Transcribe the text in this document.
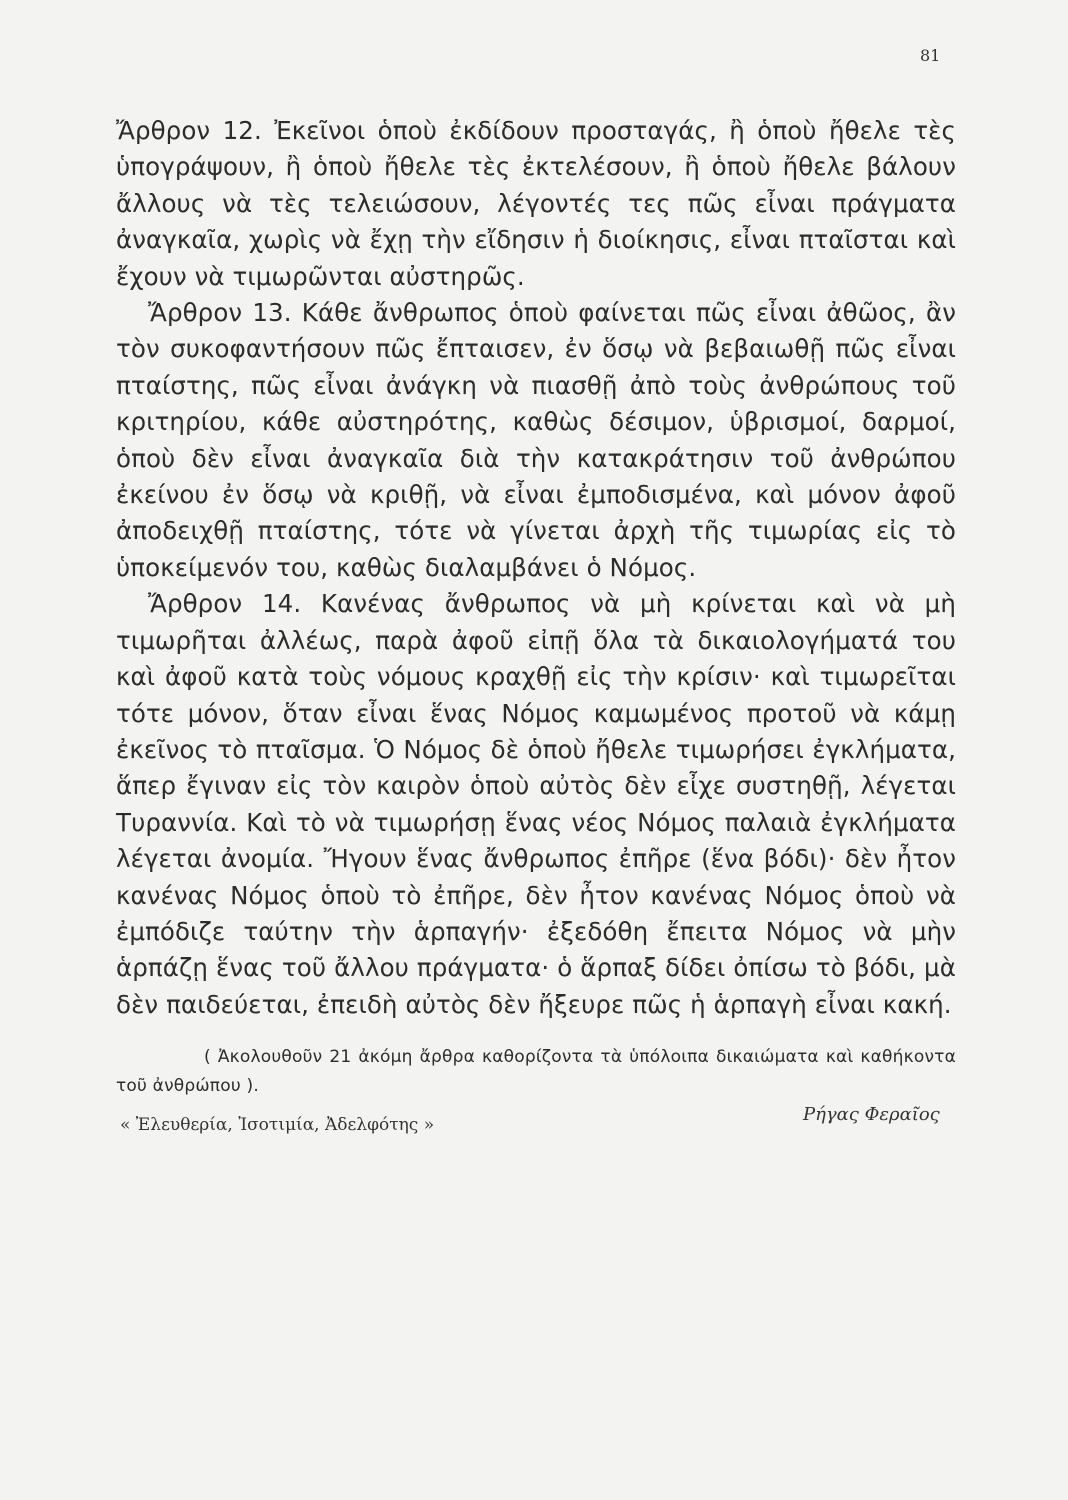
81

Ἄρθρον 12. Ἐκεῖνοι ὁποὺ ἐκδίδουν προσταγάς, ἢ ὁποὺ ἤθελε τὲς ὑπογράψουν, ἢ ὁποὺ ἤθελε τὲς ἐκτελέσουν, ἢ ὁποὺ ἤθελε βάλουν ἄλλους νὰ τὲς τελειώσουν, λέγοντές τες πῶς εἶναι πράγματα ἀναγκαῖα, χωρὶς νὰ ἔχῃ τὴν εἴδησιν ἡ διοίκησις, εἶναι πταῖσται καὶ ἔχουν νὰ τιμωρῶνται αὐστηρῶς.

Ἄρθρον 13. Κάθε ἄνθρωπος ὁποὺ φαίνεται πῶς εἶναι ἀθῶος, ἂν τὸν συκοφαντήσουν πῶς ἔπταισεν, ἐν ὅσῳ νὰ βεβαιωθῇ πῶς εἶναι πταίστης, πῶς εἶναι ἀνάγκη νὰ πιασθῇ ἀπὸ τοὺς ἀνθρώπους τοῦ κριτηρίου, κάθε αὐστηρότης, καθὼς δέσιμον, ὑβρισμοί, δαρμοί, ὁποὺ δὲν εἶναι ἀναγκαῖα διὰ τὴν κατακράτησιν τοῦ ἀνθρώπου ἐκείνου ἐν ὅσῳ νὰ κριθῇ, νὰ εἶναι ἐμποδισμένα, καὶ μόνον ἀφοῦ ἀποδειχθῇ πταίστης, τότε νὰ γίνεται ἀρχὴ τῆς τιμωρίας εἰς τὸ ὑποκείμενόν του, καθὼς διαλαμβάνει ὁ Νόμος.

Ἄρθρον 14. Κανένας ἄνθρωπος νὰ μὴ κρίνεται καὶ νὰ μὴ τιμωρῆται ἀλλέως, παρὰ ἀφοῦ εἰπῇ ὅλα τὰ δικαιολογήματά του καὶ ἀφοῦ κατὰ τοὺς νόμους κραχθῇ εἰς τὴν κρίσιν· καὶ τιμωρεῖται τότε μόνον, ὅταν εἶναι ἕνας Νόμος καμωμένος προτοῦ νὰ κάμῃ ἐκεῖνος τὸ πταῖσμα. Ὁ Νόμος δὲ ὁποὺ ἤθελε τιμωρήσει ἐγκλήματα, ἅπερ ἔγιναν εἰς τὸν καιρὸν ὁποὺ αὐτὸς δὲν εἶχε συστηθῇ, λέγεται Τυραννία. Καὶ τὸ νὰ τιμωρήσῃ ἕνας νέος Νόμος παλαιὰ ἐγκλήματα λέγεται ἀνομία. Ἤγουν ἕνας ἄνθρωπος ἐπῆρε (ἕνα βόδι)· δὲν ἦτον κανένας Νόμος ὁποὺ τὸ ἐπῆρε, δὲν ἦτον κανένας Νόμος ὁποὺ νὰ ἐμπόδιζε ταύτην τὴν ἁρπαγήν· ἐξεδόθη ἔπειτα Νόμος νὰ μὴν ἁρπάζῃ ἕνας τοῦ ἄλλου πράγματα· ὁ ἅρπαξ δίδει ὀπίσω τὸ βόδι, μὰ δὲν παιδεύεται, ἐπειδὴ αὐτὸς δὲν ἤξευρε πῶς ἡ ἁρπαγὴ εἶναι κακή.

( Ἀκολουθοῦν 21 ἀκόμη ἄρθρα καθορίζοντα τὰ ὑπόλοιπα δικαιώματα καὶ καθήκοντα τοῦ ἀνθρώπου ).

« Ἐλευθερία, Ἰσοτιμία, Ἀδελφότης »	Ρήγας Φεραῖος
